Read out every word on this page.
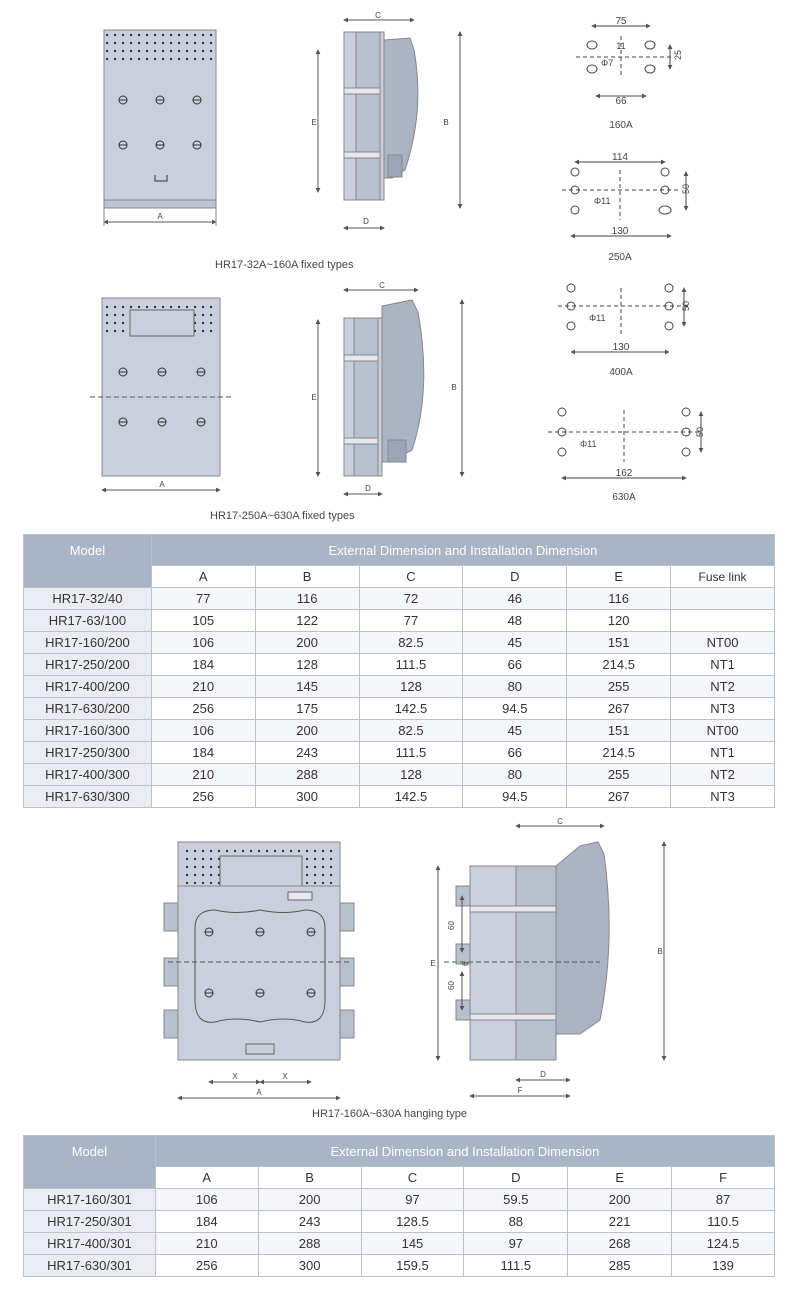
A
C
D
E	B
A
C
D
E
B
75
11
Φ7
66
25
160A
114
Φ11
130
50
250A
Φ11
130
50
400A
Φ11
162
50
630A
X	X
A
C
D
F
E
B
60
6
60
HR17-32A~160A fixed types
HR17-250A~630A fixed types
HR17-160A~630A hanging type
Model	External Dimension and Installation Dimension					
	A	B	C	D	E	Fuse link
HR17-32/40	77	116	72	46	116	
HR17-63/100	105	122	77	48	120	
HR17-160/200	106	200	82.5	45	151	NT00
HR17-250/200	184	128	111.5	66	214.5	NT1
HR17-400/200	210	145	128	80	255	NT2
HR17-630/200	256	175	142.5	94.5	267	NT3
HR17-160/300	106	200	82.5	45	151	NT00
HR17-250/300	184	243	111.5	66	214.5	NT1
HR17-400/300	210	288	128	80	255	NT2
HR17-630/300	256	300	142.5	94.5	267	NT3
Model	External Dimension and Installation Dimension					
	A	B	C	D	E	F
HR17-160/301	106	200	97	59.5	200	87
HR17-250/301	184	243	128.5	88	221	110.5
HR17-400/301	210	288	145	97	268	124.5
HR17-630/301	256	300	159.5	111.5	285	139
